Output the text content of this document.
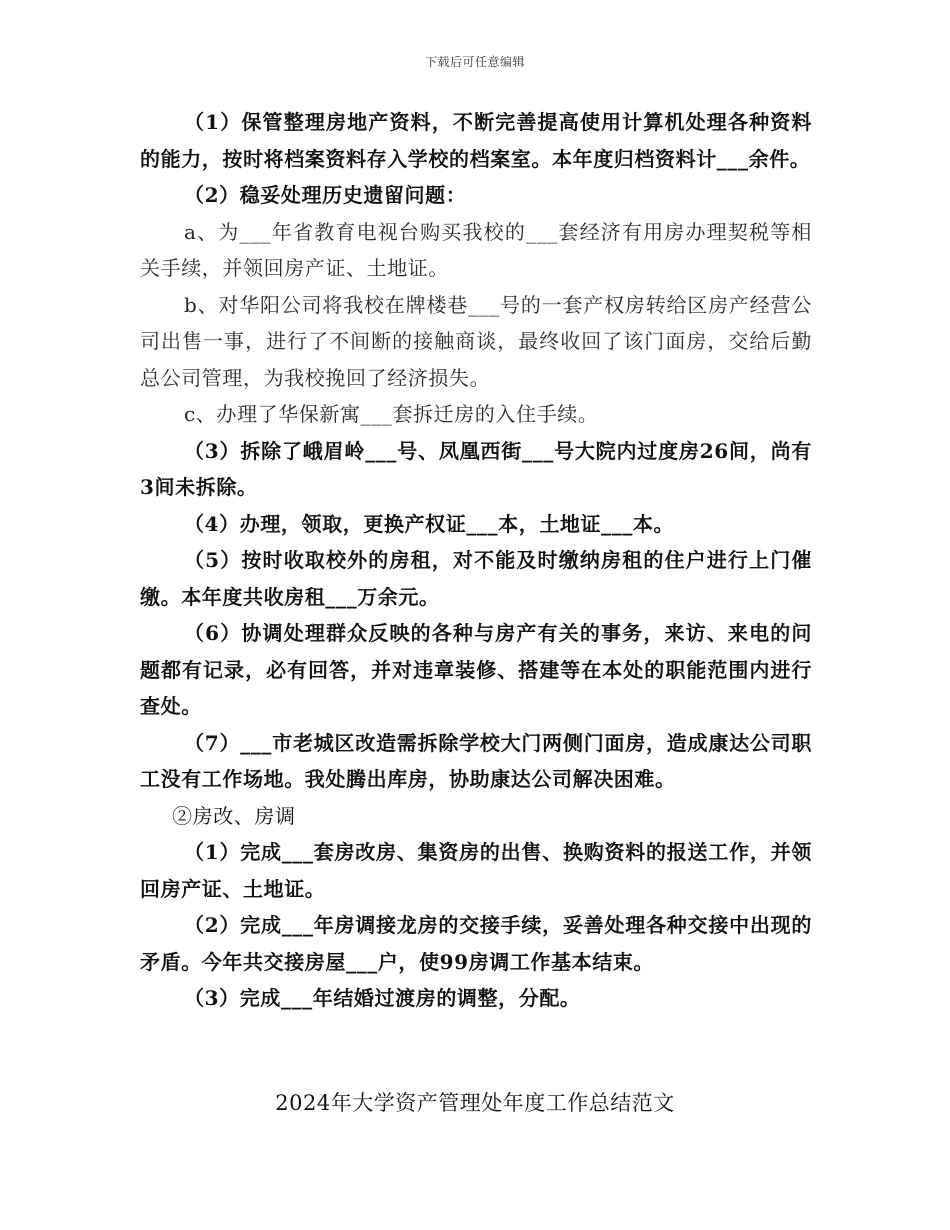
下载后可任意编辑

（1）保管整理房地产资料，不断完善提高使用计算机处理各种资料的能力，按时将档案资料存入学校的档案室。本年度归档资料计___余件。

（2）稳妥处理历史遗留问题：

a、为___年省教育电视台购买我校的___套经济有用房办理契税等相关手续，并领回房产证、土地证。

b、对华阳公司将我校在牌楼巷___号的一套产权房转给区房产经营公司出售一事，进行了不间断的接触商谈，最终收回了该门面房，交给后勤总公司管理，为我校挽回了经济损失。

c、办理了华保新寓___套拆迁房的入住手续。

（3）拆除了峨眉岭___号、凤凰西街___号大院内过度房26间，尚有3间未拆除。

（4）办理，领取，更换产权证___本，土地证___本。

（5）按时收取校外的房租，对不能及时缴纳房租的住户进行上门催缴。本年度共收房租___万余元。

（6）协调处理群众反映的各种与房产有关的事务，来访、来电的问题都有记录，必有回答，并对违章装修、搭建等在本处的职能范围内进行查处。

（7）___市老城区改造需拆除学校大门两侧门面房，造成康达公司职工没有工作场地。我处腾出库房，协助康达公司解决困难。

②房改、房调

（1）完成___套房改房、集资房的出售、换购资料的报送工作，并领回房产证、土地证。

（2）完成___年房调接龙房的交接手续，妥善处理各种交接中出现的矛盾。今年共交接房屋___户，使99房调工作基本结束。

（3）完成___年结婚过渡房的调整，分配。

2024年大学资产管理处年度工作总结范文
